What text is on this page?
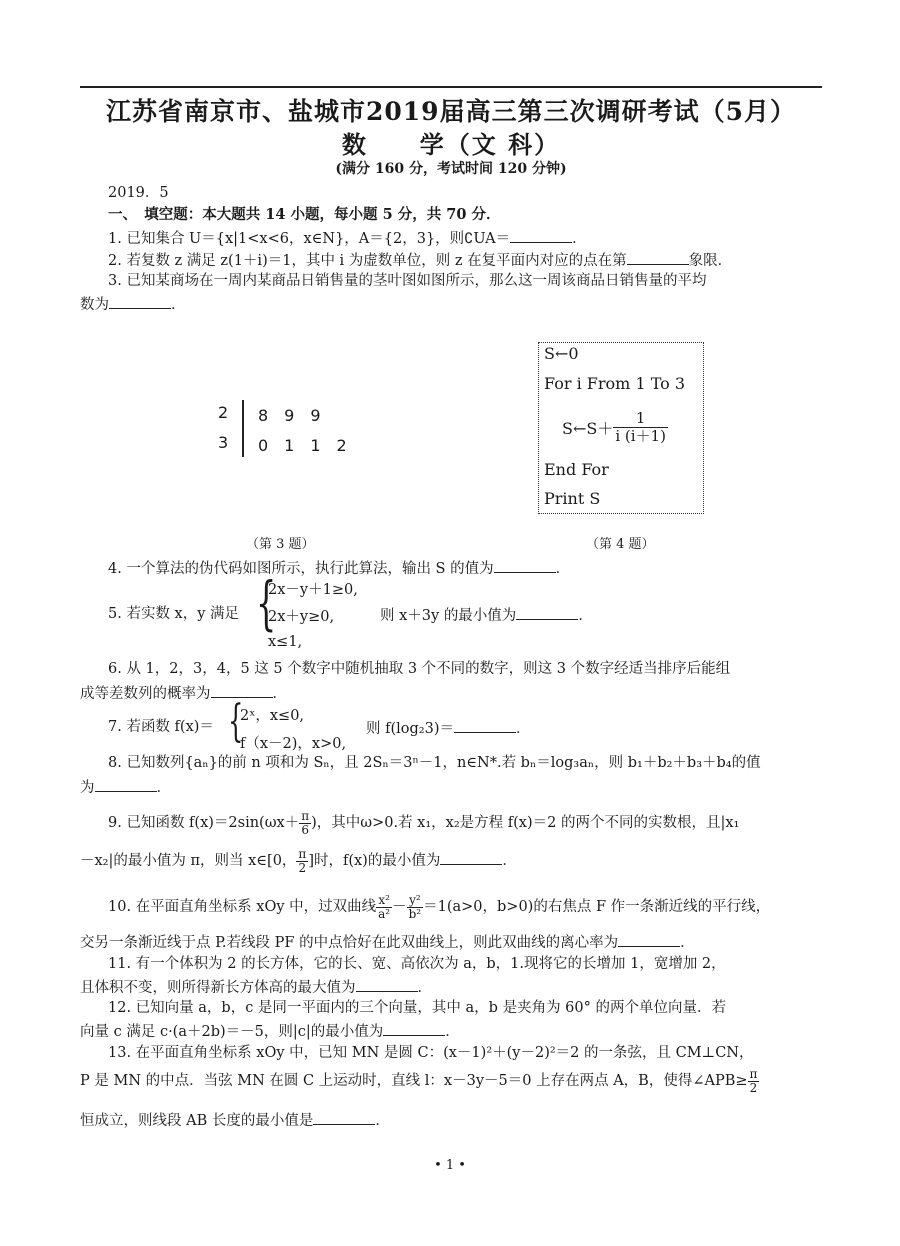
江苏省南京市、盐城市2019届高三第三次调研考试（5月）
数　　学（文 科）
(满分 160 分，考试时间 120 分钟)
2019．5
一、　填空题：本大题共 14 小题，每小题 5 分，共 70 分．
1. 已知集合 U＝{x|1<x<6，x∈N}，A＝{2，3}，则∁UA＝	．
2. 若复数 z 满足 z(1＋i)＝1，其中 i 为虚数单位，则 z 在复平面内对应的点在第	象限．
3. 已知某商场在一周内某商品日销售量的茎叶图如图所示，那么这一周该商品日销售量的平均
数为	．
2 8　9　9
3 0　1　1　2
S←0
For i From 1 To 3
S←S＋ $\frac{1}{i (i+1)}$
End For
Print S
（第 3 题）	（第 4 题）
4. 一个算法的伪代码如图所示，执行此算法，输出 S 的值为	．
5. 若实数 x，y 满足 {
2x－y＋1≥0,
2x＋y≥0,
x≤1,
则 x＋3y 的最小值为	．
6. 从 1，2，3，4，5 这 5 个数字中随机抽取 3 个不同的数字，则这 3 个数字经适当排序后能组
成等差数列的概率为	．
7. 若函数 f(x)＝ {
2ˣ，x≤0,
f（x－2)，x>0,
则 f(log₂3)＝	．
8. 已知数列{aₙ}的前 n 项和为 Sₙ，且 2Sₙ＝3ⁿ－1，n∈N*.若 bₙ＝log₃aₙ，则 b₁＋b₂＋b₃＋b₄的值
为	．
9. 已知函数 $f(x)=2\sin(\omega x+ \frac{\pi}{6}$ )，其中ω>0.若 x₁，x₂是方程 f(x)＝2 的两个不同的实数根，且|x₁
－x₂|的最小值为 π，则当 x∈[0， $\frac{\pi}{2}$ ]时，f(x)的最小值为	．
10. 在平面直角坐标系 xOy 中，过双曲线 $\frac{\text{x²}}{\text{a²}} - \frac{\text{y²}}{\text{b²}} =1(a>0$，b>0)的右焦点 F 作一条渐近线的平行线，
交另一条渐近线于点 P.若线段 PF 的中点恰好在此双曲线上，则此双曲线的离心率为	．
11. 有一个体积为 2 的长方体，它的长、宽、高依次为 a，b，1.现将它的长增加 1，宽增加 2，
且体积不变，则所得新长方体高的最大值为	．
12. 已知向量 a，b，c 是同一平面内的三个向量，其中 a，b 是夹角为 60° 的两个单位向量．若
向量 c 满足 c·(a＋2b)＝－5，则|c|的最小值为	．
13. 在平面直角坐标系 xOy 中，已知 MN 是圆 C：(x－1)²＋(y－2)²＝2 的一条弦，且 CM⊥CN，
P 是 MN 的中点．当弦 MN 在圆 C 上运动时，直线 l：x－3y－5＝0 上存在两点 A，B，使得∠APB≥ $\frac{\pi}{2}$
恒成立，则线段 AB 长度的最小值是	．
• 1 •
